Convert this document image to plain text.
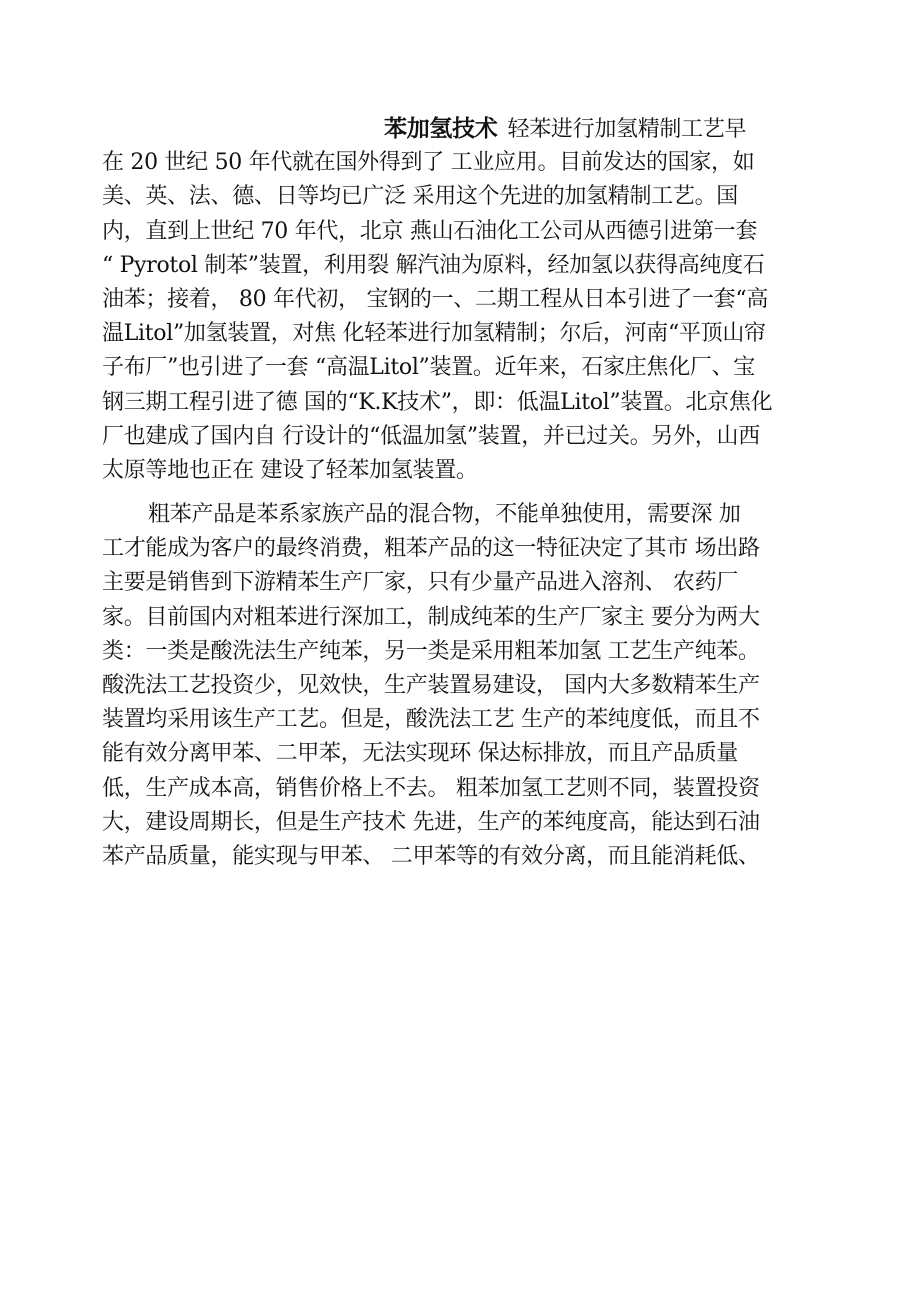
苯加氢技术 轻苯进行加氢精制工艺早
在 20 世纪 50 年代就在国外得到了 工业应用。目前发达的国家，如
美、英、法、德、日等均已广泛 采用这个先进的加氢精制工艺。国
内，直到上世纪 70 年代，北京 燕山石油化工公司从西德引进第一套
“ Pyrotol 制苯”装置，利用裂 解汽油为原料，经加氢以获得高纯度石
油苯；接着， 80 年代初， 宝钢的一、二期工程从日本引进了一套“高
温Litol”加氢装置，对焦 化轻苯进行加氢精制；尔后，河南“平顶山帘
子布厂”也引进了一套 “高温Litol”装置。近年来，石家庄焦化厂、宝
钢三期工程引进了德 国的“K.K技术”，即：低温Litol”装置。北京焦化
厂也建成了国内自 行设计的“低温加氢”装置，并已过关。另外，山西
太原等地也正在 建设了轻苯加氢装置。
粗苯产品是苯系家族产品的混合物，不能单独使用，需要深 加
工才能成为客户的最终消费，粗苯产品的这一特征决定了其市 场出路
主要是销售到下游精苯生产厂家，只有少量产品进入溶剂、 农药厂
家。目前国内对粗苯进行深加工，制成纯苯的生产厂家主 要分为两大
类：一类是酸洗法生产纯苯，另一类是采用粗苯加氢 工艺生产纯苯。
酸洗法工艺投资少，见效快，生产装置易建设， 国内大多数精苯生产
装置均采用该生产工艺。但是，酸洗法工艺 生产的苯纯度低，而且不
能有效分离甲苯、二甲苯，无法实现环 保达标排放，而且产品质量
低，生产成本高，销售价格上不去。 粗苯加氢工艺则不同，装置投资
大，建设周期长，但是生产技术 先进，生产的苯纯度高，能达到石油
苯产品质量，能实现与甲苯、 二甲苯等的有效分离，而且能消耗低、
